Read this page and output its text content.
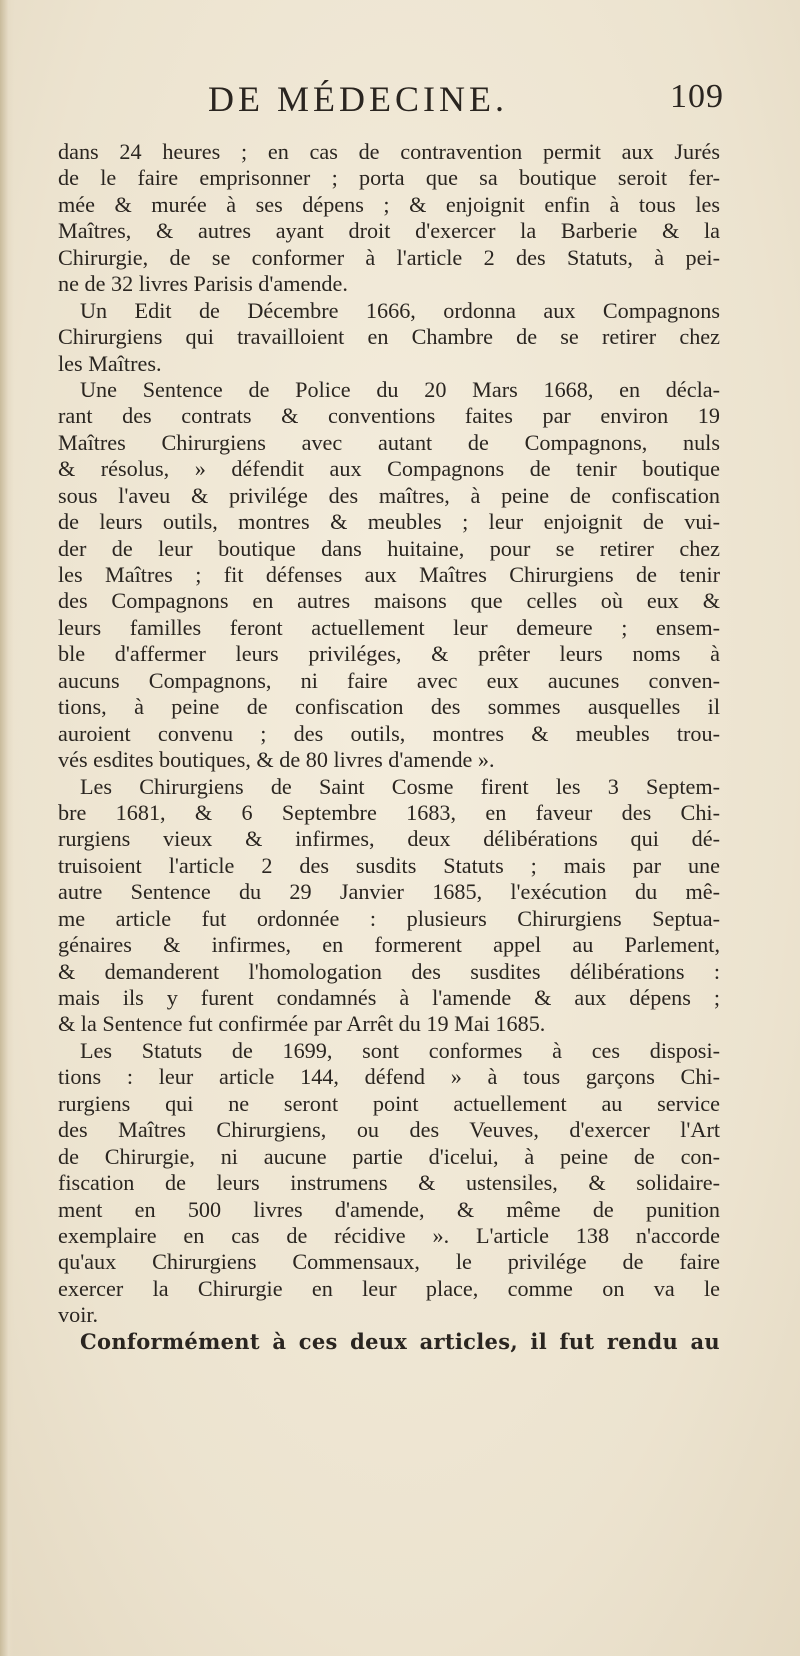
DE MÉDECINE.	109
dans 24 heures ; en cas de contravention permit aux Jurés
de le faire emprisonner ; porta que sa boutique seroit fer-
mée & murée à ses dépens ; & enjoignit enfin à tous les
Maîtres, & autres ayant droit d'exercer la Barberie & la
Chirurgie, de se conformer à l'article 2 des Statuts, à pei-
ne de 32 livres Parisis d'amende.
Un Edit de Décembre 1666, ordonna aux Compagnons
Chirurgiens qui travailloient en Chambre de se retirer chez
les Maîtres.
Une Sentence de Police du 20 Mars 1668, en décla-
rant des contrats & conventions faites par environ 19
Maîtres Chirurgiens avec autant de Compagnons, nuls
& résolus, » défendit aux Compagnons de tenir boutique
sous l'aveu & privilége des maîtres, à peine de confiscation
de leurs outils, montres & meubles ; leur enjoignit de vui-
der de leur boutique dans huitaine, pour se retirer chez
les Maîtres ; fit défenses aux Maîtres Chirurgiens de tenir
des Compagnons en autres maisons que celles où eux &
leurs familles feront actuellement leur demeure ; ensem-
ble d'affermer leurs priviléges, & prêter leurs noms à
aucuns Compagnons, ni faire avec eux aucunes conven-
tions, à peine de confiscation des sommes ausquelles il
auroient convenu ; des outils, montres & meubles trou-
vés esdites boutiques, & de 80 livres d'amende ».
Les Chirurgiens de Saint Cosme firent les 3 Septem-
bre 1681, & 6 Septembre 1683, en faveur des Chi-
rurgiens vieux & infirmes, deux délibérations qui dé-
truisoient l'article 2 des susdits Statuts ; mais par une
autre Sentence du 29 Janvier 1685, l'exécution du mê-
me article fut ordonnée : plusieurs Chirurgiens Septua-
génaires & infirmes, en formerent appel au Parlement,
& demanderent l'homologation des susdites délibérations :
mais ils y furent condamnés à l'amende & aux dépens ;
& la Sentence fut confirmée par Arrêt du 19 Mai 1685.
Les Statuts de 1699, sont conformes à ces disposi-
tions : leur article 144, défend » à tous garçons Chi-
rurgiens qui ne seront point actuellement au service
des Maîtres Chirurgiens, ou des Veuves, d'exercer l'Art
de Chirurgie, ni aucune partie d'icelui, à peine de con-
fiscation de leurs instrumens & ustensiles, & solidaire-
ment en 500 livres d'amende, & même de punition
exemplaire en cas de récidive ». L'article 138 n'accorde
qu'aux Chirurgiens Commensaux, le privilége de faire
exercer la Chirurgie en leur place, comme on va le
voir.
Conformément à ces deux articles, il fut rendu au
